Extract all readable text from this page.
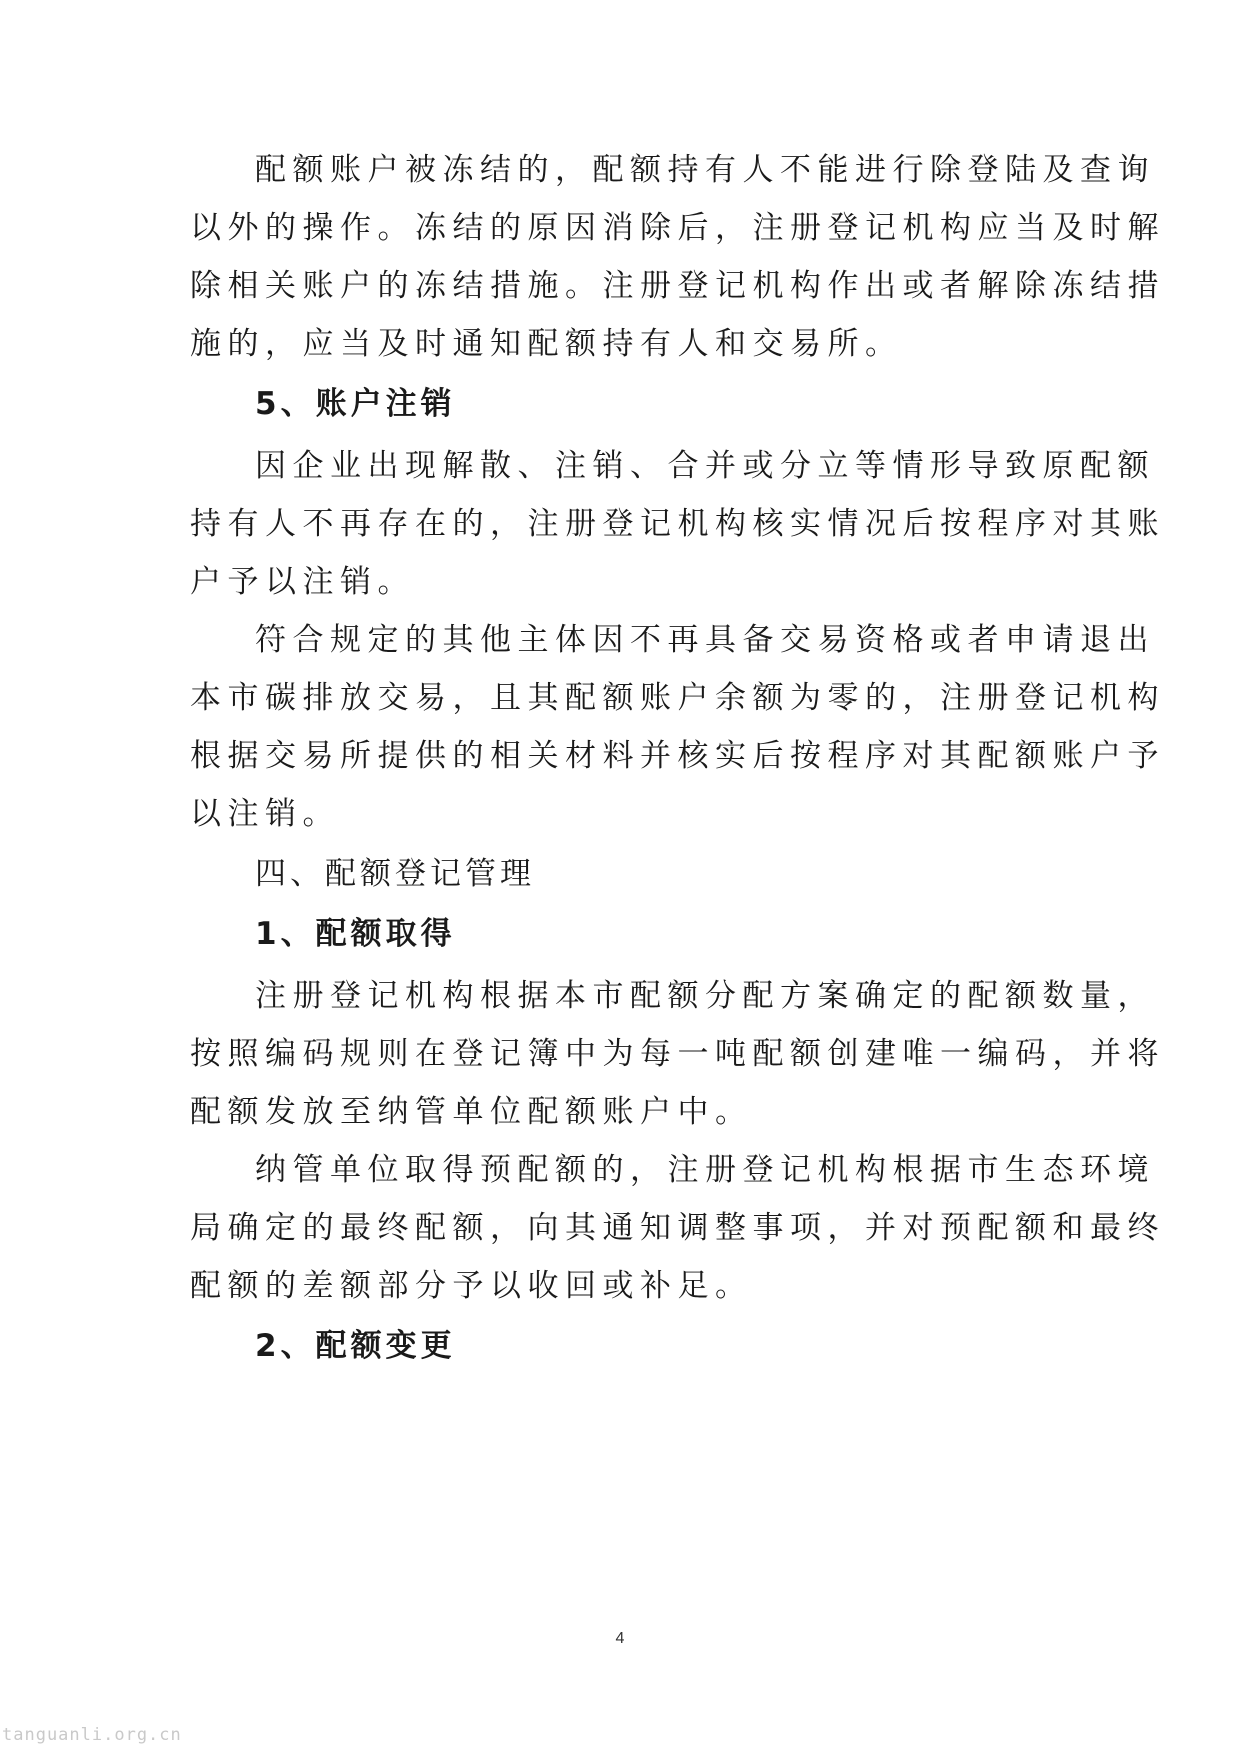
配额账户被冻结的，配额持有人不能进行除登陆及查询
以外的操作。冻结的原因消除后，注册登记机构应当及时解
除相关账户的冻结措施。注册登记机构作出或者解除冻结措
施的，应当及时通知配额持有人和交易所。
5、账户注销
因企业出现解散、注销、合并或分立等情形导致原配额
持有人不再存在的，注册登记机构核实情况后按程序对其账
户予以注销。
符合规定的其他主体因不再具备交易资格或者申请退出
本市碳排放交易，且其配额账户余额为零的，注册登记机构
根据交易所提供的相关材料并核实后按程序对其配额账户予
以注销。
四、配额登记管理
1、配额取得
注册登记机构根据本市配额分配方案确定的配额数量，
按照编码规则在登记簿中为每一吨配额创建唯一编码，并将
配额发放至纳管单位配额账户中。
纳管单位取得预配额的，注册登记机构根据市生态环境
局确定的最终配额，向其通知调整事项，并对预配额和最终
配额的差额部分予以收回或补足。
2、配额变更
4
tanguanli.org.cn
